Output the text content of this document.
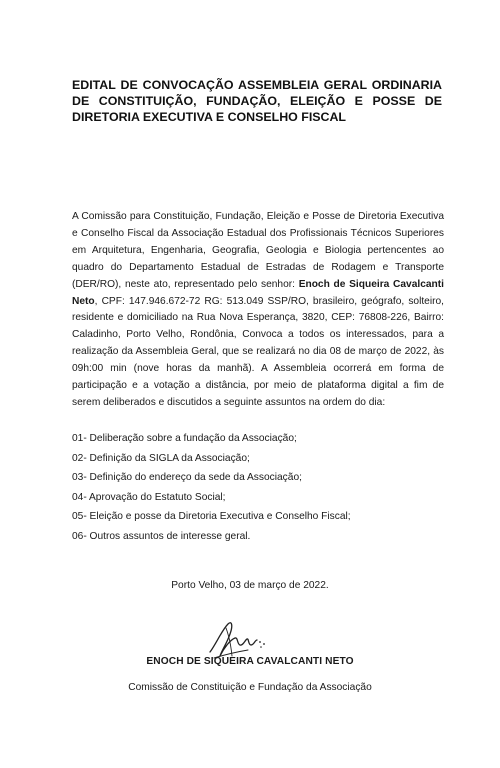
EDITAL DE CONVOCAÇÃO ASSEMBLEIA GERAL ORDINARIA DE CONSTITUIÇÃO, FUNDAÇÃO, ELEIÇÃO E POSSE DE DIRETORIA EXECUTIVA E CONSELHO FISCAL
A Comissão para Constituição, Fundação, Eleição e Posse de Diretoria Executiva e Conselho Fiscal da Associação Estadual dos Profissionais Técnicos Superiores em Arquitetura, Engenharia, Geografia, Geologia e Biologia pertencentes ao quadro do Departamento Estadual de Estradas de Rodagem e Transporte (DER/RO), neste ato, representado pelo senhor: Enoch de Siqueira Cavalcanti Neto, CPF: 147.946.672-72 RG: 513.049 SSP/RO, brasileiro, geógrafo, solteiro, residente e domiciliado na Rua Nova Esperança, 3820, CEP: 76808-226, Bairro: Caladinho, Porto Velho, Rondônia, Convoca a todos os interessados, para a realização da Assembleia Geral, que se realizará no dia 08 de março de 2022, às 09h:00 min (nove horas da manhã). A Assembleia ocorrerá em forma de participação e a votação a distância, por meio de plataforma digital a fim de serem deliberados e discutidos a seguinte assuntos na ordem do dia:
01- Deliberação sobre a fundação da Associação;
02- Definição da SIGLA da Associação;
03- Definição do endereço da sede da Associação;
04- Aprovação do Estatuto Social;
05- Eleição e posse da Diretoria Executiva e Conselho Fiscal;
06- Outros assuntos de interesse geral.
Porto Velho, 03 de março de 2022.
ENOCH DE SIQUEIRA CAVALCANTI NETO
Comissão de Constituição e Fundação da Associação
